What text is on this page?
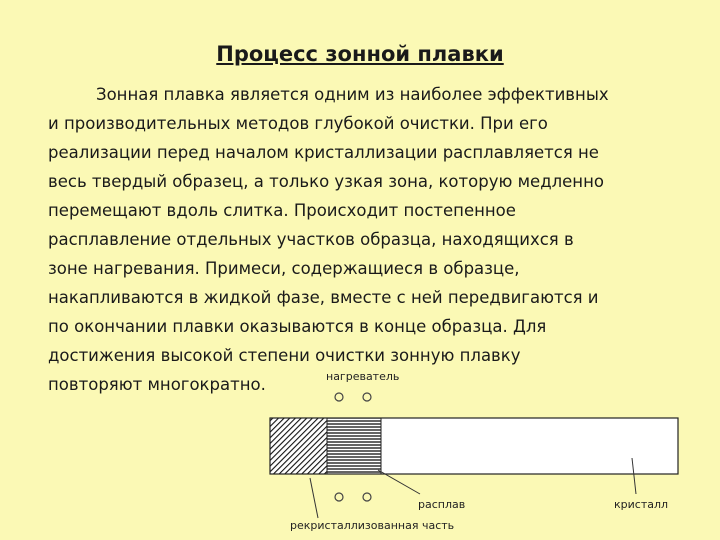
Процесс зонной плавки
Зонная плавка является одним из наиболее эффективных
и производительных методов глубокой очистки. При его
реализации перед началом кристаллизации расплавляется не
весь твердый образец, а только узкая зона, которую медленно
перемещают вдоль слитка. Происходит постепенное
расплавление отдельных участков образца, находящихся в
зоне нагревания. Примеси, содержащиеся в образце,
накапливаются в жидкой фазе, вместе с ней передвигаются и
по окончании плавки оказываются в конце образца. Для
достижения высокой степени очистки зонную плавку
повторяют многократно.	нагреватель
расплав	кристалл
рекристаллизованная часть
